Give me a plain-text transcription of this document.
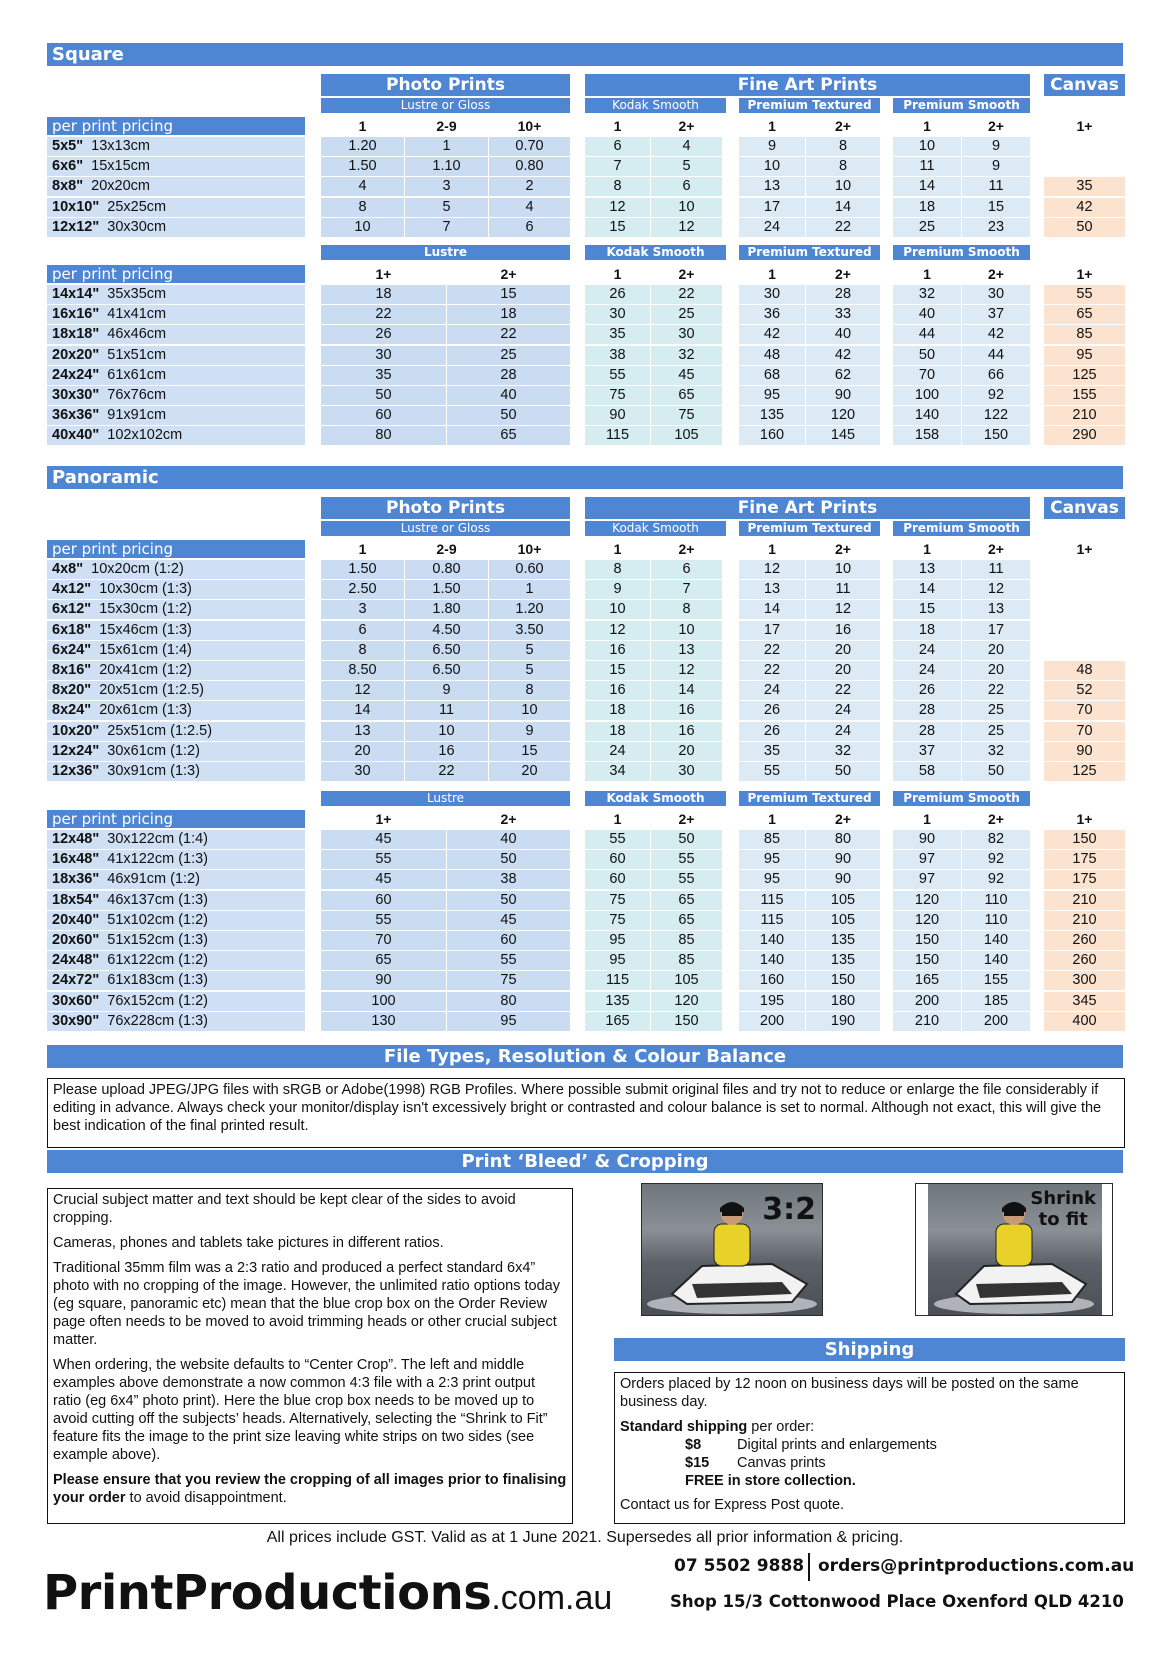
Square
Photo Prints	Fine Art Prints	Canvas
Lustre or Gloss	Kodak Smooth	Premium Textured	Premium Smooth
per print pricing	1	2-9	10+	1	2+	1	2+	1	2+	1+
5x5"  13x13cm	1.20	1	0.70	6	4	9	8	10	9
6x6"  15x15cm	1.50	1.10	0.80	7	5	10	8	11	9
8x8"  20x20cm	4	3	2	8	6	13	10	14	11	35
10x10"  25x25cm	8	5	4	12	10	17	14	18	15	42
12x12"  30x30cm	10	7	6	15	12	24	22	25	23	50
Lustre	Kodak Smooth	Premium Textured	Premium Smooth
per print pricing	1+	2+	1	2+	1	2+	1	2+	1+
14x14"  35x35cm	18	15	26	22	30	28	32	30	55
16x16"  41x41cm	22	18	30	25	36	33	40	37	65
18x18"  46x46cm	26	22	35	30	42	40	44	42	85
20x20"  51x51cm	30	25	38	32	48	42	50	44	95
24x24"  61x61cm	35	28	55	45	68	62	70	66	125
30x30"  76x76cm	50	40	75	65	95	90	100	92	155
36x36"  91x91cm	60	50	90	75	135	120	140	122	210
40x40"  102x102cm	80	65	115	105	160	145	158	150	290
Panoramic
Photo Prints	Fine Art Prints	Canvas
Lustre or Gloss	Kodak Smooth	Premium Textured	Premium Smooth
per print pricing	1	2-9	10+	1	2+	1	2+	1	2+	1+
4x8"  10x20cm (1:2)	1.50	0.80	0.60	8	6	12	10	13	11
4x12"  10x30cm (1:3)	2.50	1.50	1	9	7	13	11	14	12
6x12"  15x30cm (1:2)	3	1.80	1.20	10	8	14	12	15	13
6x18"  15x46cm (1:3)	6	4.50	3.50	12	10	17	16	18	17
6x24"  15x61cm (1:4)	8	6.50	5	16	13	22	20	24	20
8x16"  20x41cm (1:2)	8.50	6.50	5	15	12	22	20	24	20	48
8x20"  20x51cm (1:2.5)	12	9	8	16	14	24	22	26	22	52
8x24"  20x61cm (1:3)	14	11	10	18	16	26	24	28	25	70
10x20"  25x51cm (1:2.5)	13	10	9	18	16	26	24	28	25	70
12x24"  30x61cm (1:2)	20	16	15	24	20	35	32	37	32	90
12x36"  30x91cm (1:3)	30	22	20	34	30	55	50	58	50	125
Lustre	Kodak Smooth	Premium Textured	Premium Smooth
per print pricing	1+	2+	1	2+	1	2+	1	2+	1+
12x48"  30x122cm (1:4)	45	40	55	50	85	80	90	82	150
16x48"  41x122cm (1:3)	55	50	60	55	95	90	97	92	175
18x36"  46x91cm (1:2)	45	38	60	55	95	90	97	92	175
18x54"  46x137cm (1:3)	60	50	75	65	115	105	120	110	210
20x40"  51x102cm (1:2)	55	45	75	65	115	105	120	110	210
20x60"  51x152cm (1:3)	70	60	95	85	140	135	150	140	260
24x48"  61x122cm (1:2)	65	55	95	85	140	135	150	140	260
24x72"  61x183cm (1:3)	90	75	115	105	160	150	165	155	300
30x60"  76x152cm (1:2)	100	80	135	120	195	180	200	185	345
30x90"  76x228cm (1:3)	130	95	165	150	200	190	210	200	400
File Types, Resolution & Colour Balance
Please upload JPEG/JPG files with sRGB or Adobe(1998) RGB Profiles. Where possible submit original files and try not to reduce or enlarge the file considerably if editing in advance. Always check your monitor/display isn't excessively bright or contrasted and colour balance is set to normal. Although not exact, this will give the best indication of the final printed result.
Print ‘Bleed’ & Cropping

Crucial subject matter and text should be kept clear of the sides to avoid cropping.

Cameras, phones and tablets take pictures in different ratios.

Traditional 35mm film was a 2:3 ratio and produced a perfect standard 6x4” photo with no cropping of the image. However, the unlimited ratio options today (eg square, panoramic etc) mean that the blue crop box on the Order Review page often needs to be moved to avoid trimming heads or other crucial subject matter.

When ordering, the website defaults to “Center Crop”. The left and middle examples above demonstrate a now common 4:3 file with a 2:3 print output ratio (eg 6x4” photo print). Here the blue crop box needs to be moved up to avoid cutting off the subjects’ heads. Alternatively, selecting the “Shrink to Fit” feature fits the image to the print size leaving white strips on two sides (see example above).

Please ensure that you review the cropping of all images prior to finalising your order to avoid disappointment.

3:2	Shrink
to fit
Shipping

Orders placed by 12 noon on business days will be posted on the same business day.

Standard shipping per order:
$8 Digital prints and enlargements
$15 Canvas prints
FREE in store collection.
Contact us for Express Post quote.
All prices include GST. Valid as at 1 June 2021. Supersedes all prior information & pricing.
PrintProductions.com.au
07 5502 9888 orders@printproductions.com.au
Shop 15/3 Cottonwood Place Oxenford QLD 4210
